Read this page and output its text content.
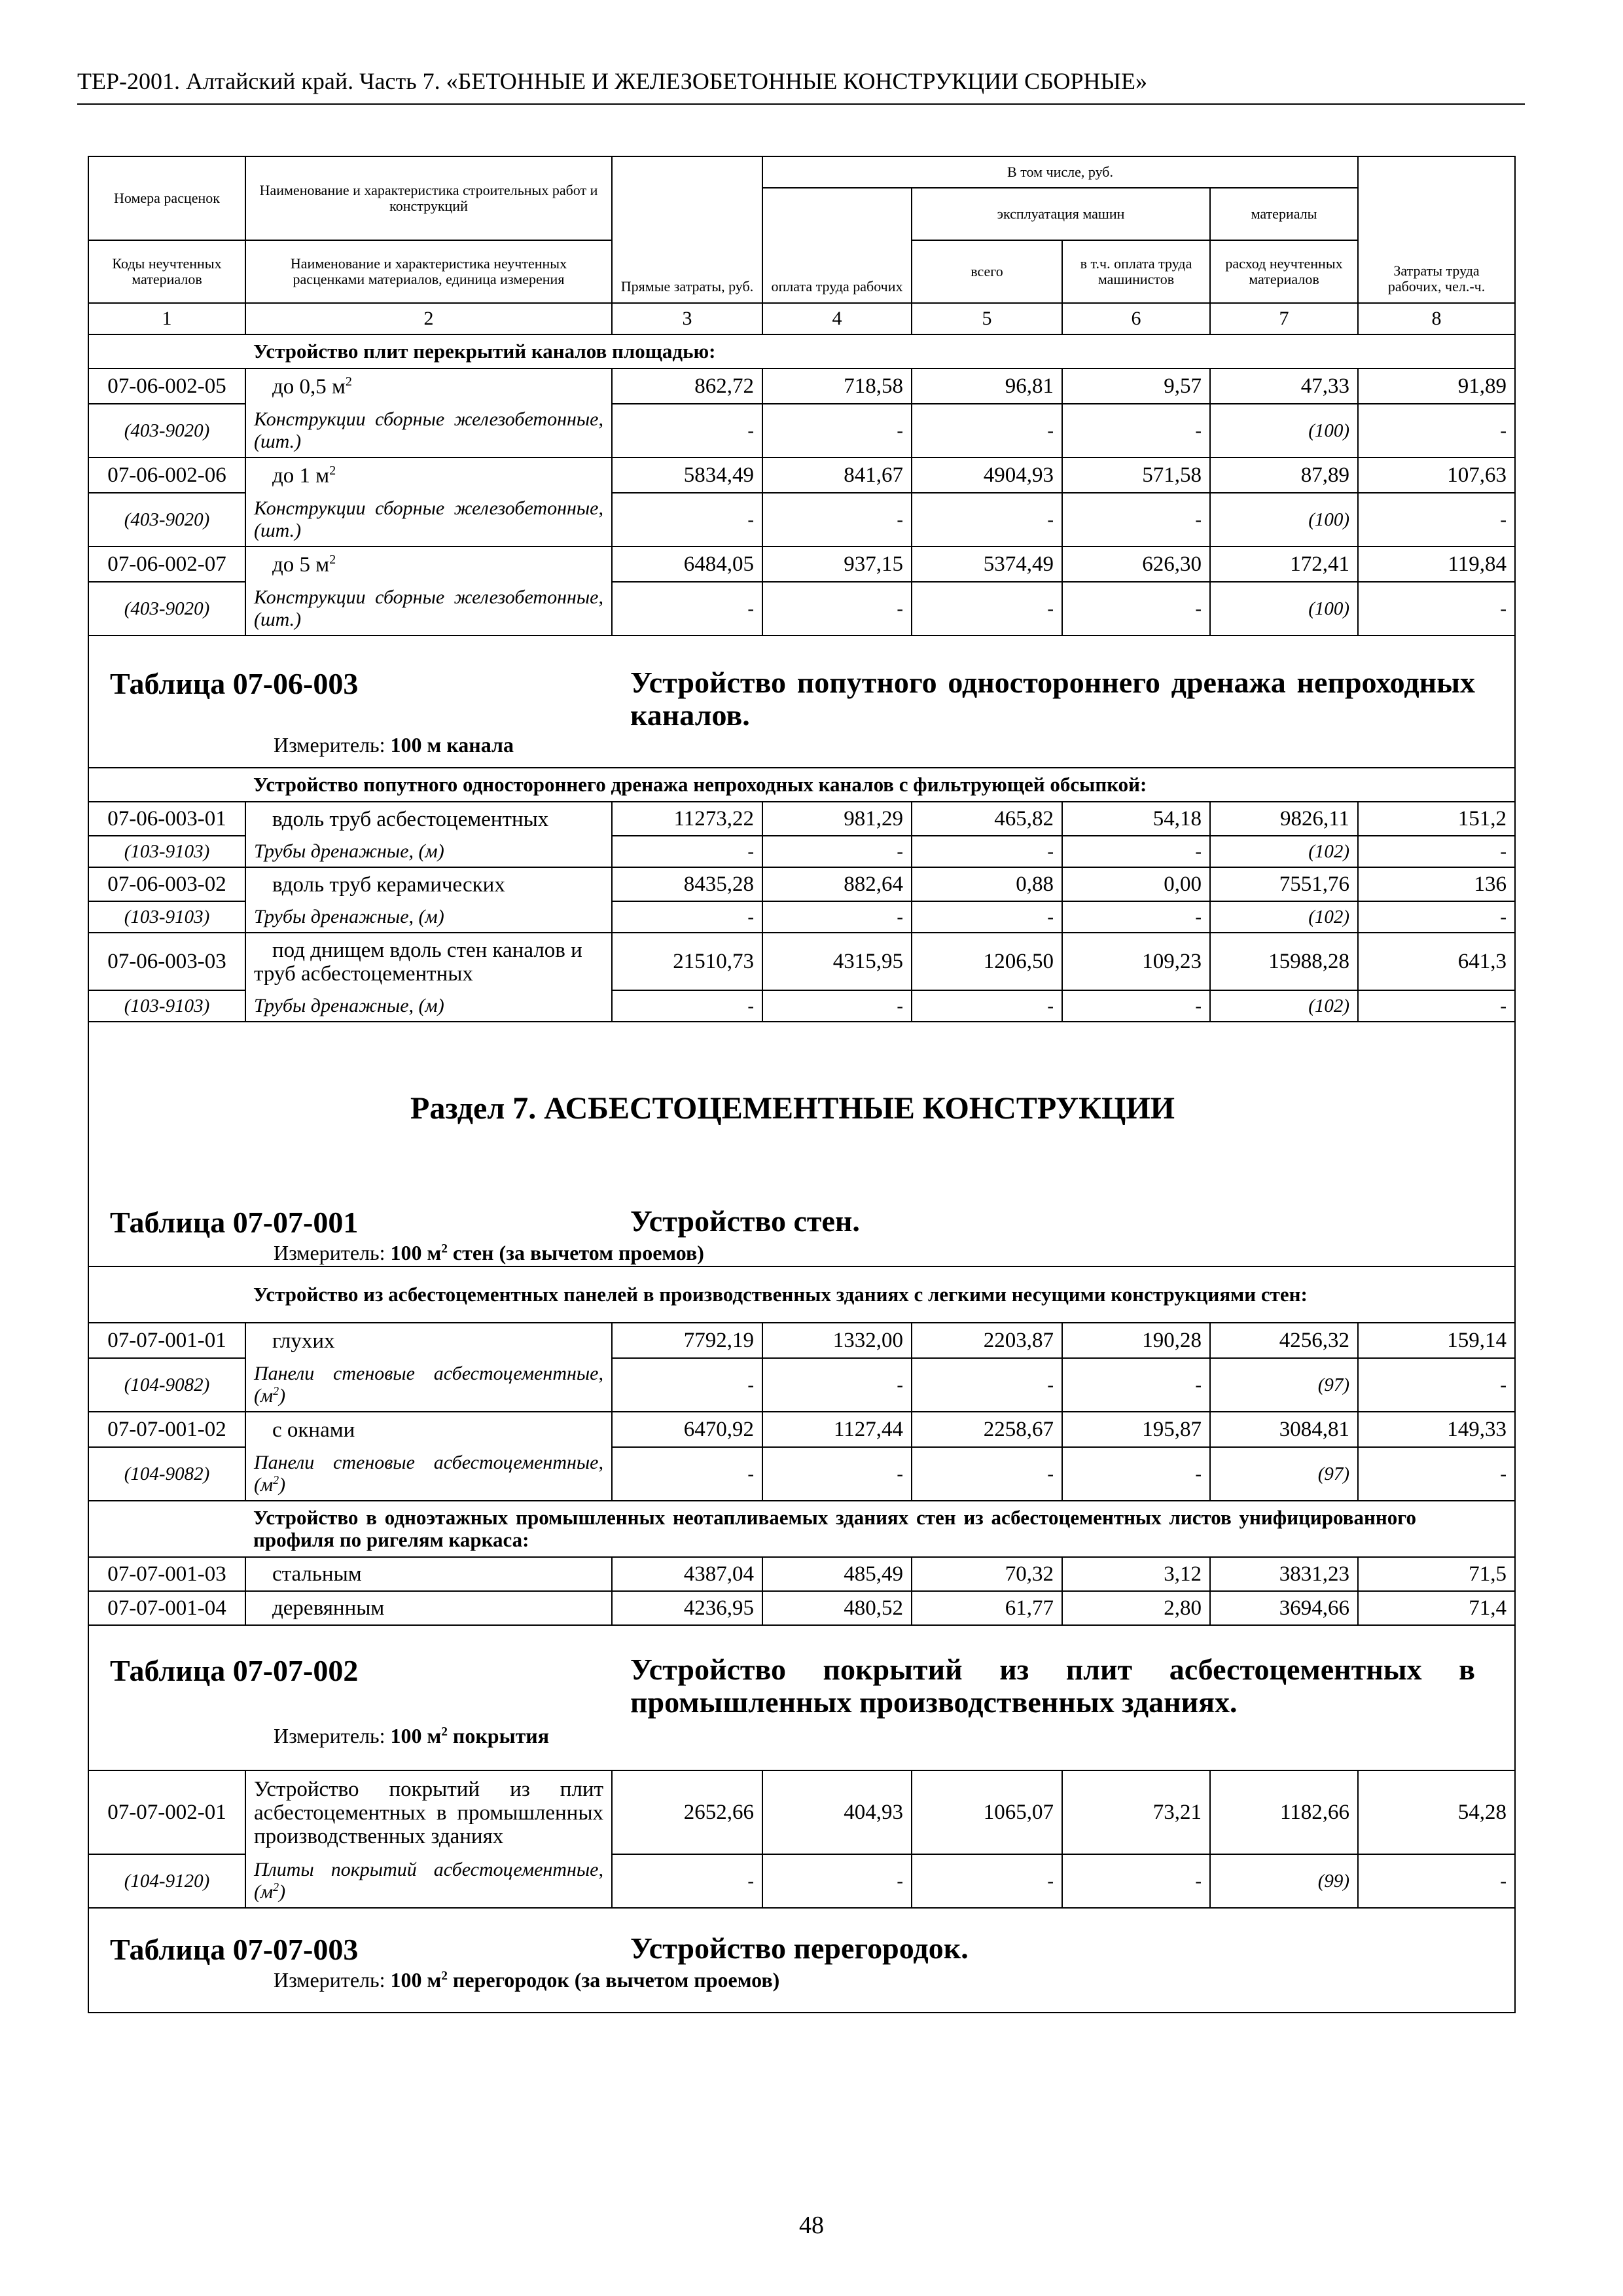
ТЕР-2001. Алтайский край. Часть 7. «БЕТОННЫЕ И ЖЕЛЕЗОБЕТОННЫЕ КОНСТРУКЦИИ СБОРНЫЕ»
Номера расценок	Наименование и характеристика строительных работ и конструкций	Прямые затраты, руб.	В том числе, руб.				Затраты труда рабочих, чел.-ч.
			оплата труда рабочих	эксплуатация машин		материалы	
Коды неучтенных материалов	Наименование и характеристика неучтенных расценками материалов, единица измерения			всего	в т.ч. оплата труда машинистов	расход неучтенных материалов	

1	2	3	4	5	6	7	8
	Устройство плит перекрытий каналов площадью:						
07-06-002-05	до 0,5 $м^2$	862,72	718,58	96,81	9,57	47,33	91,89
(403-9020)	Конструкции сборные железобетонные, (шт.)	-	-	-	-	(100)	-
07-06-002-06	до 1 $м^2$	5834,49	841,67	4904,93	571,58	87,89	107,63
(403-9020)	Конструкции сборные железобетонные, (шт.)	-	-	-	-	(100)	-
07-06-002-07	до 5 $м^2$	6484,05	937,15	5374,49	626,30	172,41	119,84
(403-9020)	Конструкции сборные железобетонные, (шт.)	-	-	-	-	(100)	-

Таблица 07-06-003 Устройство попутного одностороннего дренажа непроходных каналов.
Измеритель: 100 м канала							

	Устройство попутного одностороннего дренажа непроходных каналов с фильтрующей обсыпкой:						
07-06-003-01	вдоль труб асбестоцементных	11273,22	981,29	465,82	54,18	9826,11	151,2
(103-9103)	Трубы дренажные, (м)	-	-	-	-	(102)	-
07-06-003-02	вдоль труб керамических	8435,28	882,64	0,88	0,00	7551,76	136
(103-9103)	Трубы дренажные, (м)	-	-	-	-	(102)	-
07-06-003-03	под днищем вдоль стен каналов и труб асбестоцементных	21510,73	4315,95	1206,50	109,23	15988,28	641,3
(103-9103)	Трубы дренажные, (м)	-	-	-	-	(102)	-

Раздел 7. АСБЕСТОЦЕМЕНТНЫЕ КОНСТРУКЦИИ
Таблица 07-07-001 Устройство стен.
Измеритель: 100 $м^2$ стен (за вычетом проемов)							

	Устройство из асбестоцементных панелей в производственных зданиях с легкими несущими конструкциями стен:						
07-07-001-01	глухих	7792,19	1332,00	2203,87	190,28	4256,32	159,14
(104-9082)	Панели стеновые асбестоцементные, $(м^2)$	-	-	-	-	(97)	-
07-07-001-02	с окнами	6470,92	1127,44	2258,67	195,87	3084,81	149,33
(104-9082)	Панели стеновые асбестоцементные, $(м^2)$	-	-	-	-	(97)	-
	Устройство в одноэтажных промышленных неотапливаемых зданиях стен из асбестоцементных листов унифицированного профиля по ригелям каркаса:						
07-07-001-03	стальным	4387,04	485,49	70,32	3,12	3831,23	71,5
07-07-001-04	деревянным	4236,95	480,52	61,77	2,80	3694,66	71,4

Таблица 07-07-002 Устройство покрытий из плит асбестоцементных в промышленных производственных зданиях.
Измеритель: 100 $м^2$ покрытия							

07-07-002-01	Устройство покрытий из плит асбестоцементных в промышленных производственных зданиях	2652,66	404,93	1065,07	73,21	1182,66	54,28
(104-9120)	Плиты покрытий асбестоцементные, $(м^2)$	-	-	-	-	(99)	-

Таблица 07-07-003 Устройство перегородок.
Измеритель: 100 $м^2$ перегородок (за вычетом проемов)							
48
